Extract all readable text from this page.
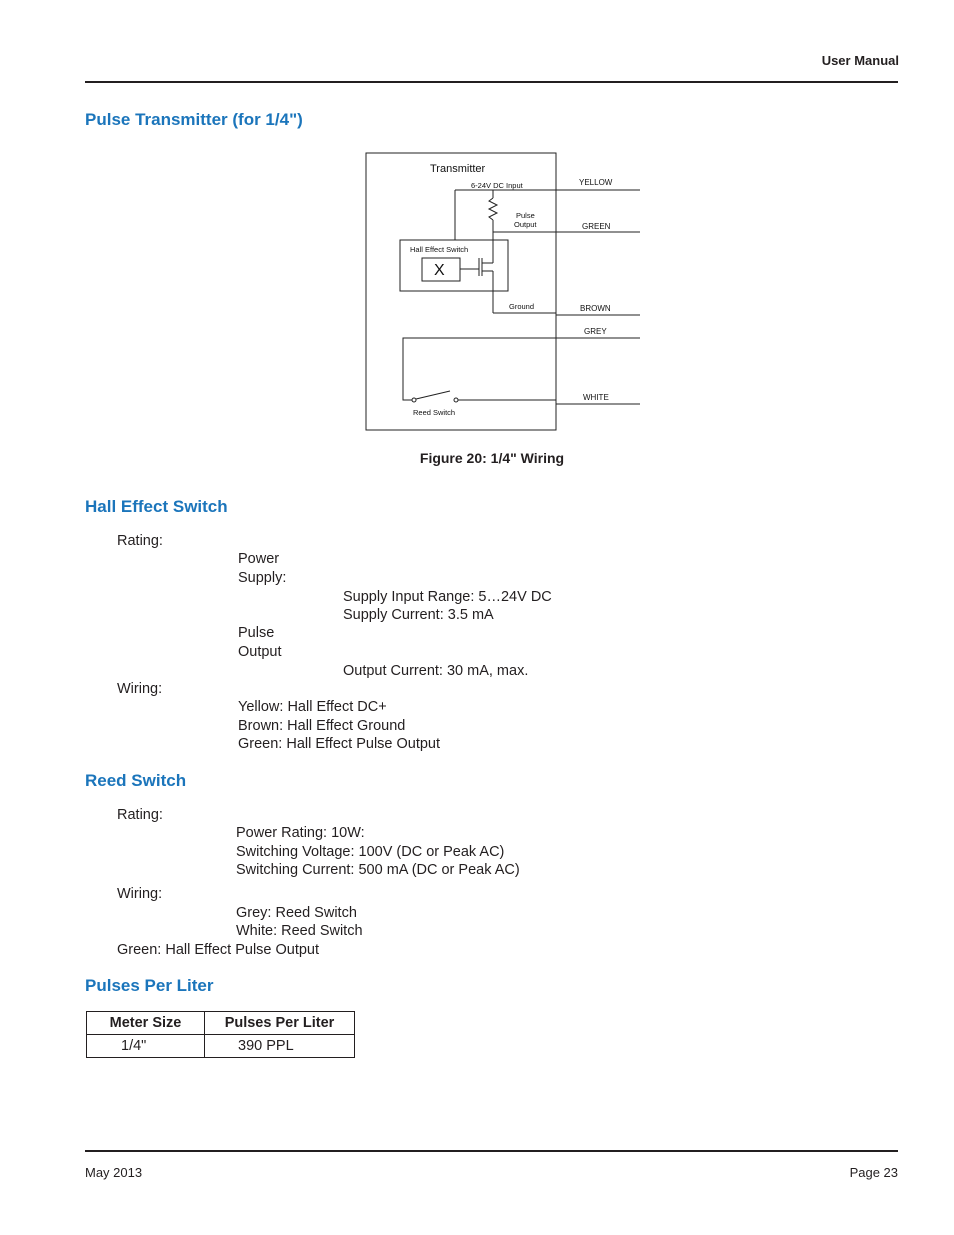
User Manual
Pulse Transmitter (for 1/4")
Transmitter
6-24V DC Input	YELLOW
GREEN
BROWN
GREY
WHITE
Pulse
Output
Hall Effect Switch
X
Ground
Reed Switch
Figure 20: 1/4" Wiring
Hall Effect Switch
Rating:
Power
Supply:
Supply Input Range: 5…24V DC
Supply Current: 3.5 mA
Pulse
Output
Output Current: 30 mA, max.
Wiring:
Yellow: Hall Effect DC+
Brown: Hall Effect Ground
Green: Hall Effect Pulse Output
Reed Switch
Rating:
Power Rating: 10W:
Switching Voltage: 100V (DC or Peak AC)
Switching Current: 500 mA (DC or Peak AC)
Wiring:
Grey: Reed Switch
White: Reed Switch
Green: Hall Effect Pulse Output
Pulses Per Liter
Meter Size	Pulses Per Liter
1/4"	390 PPL
May 2013	Page 23
